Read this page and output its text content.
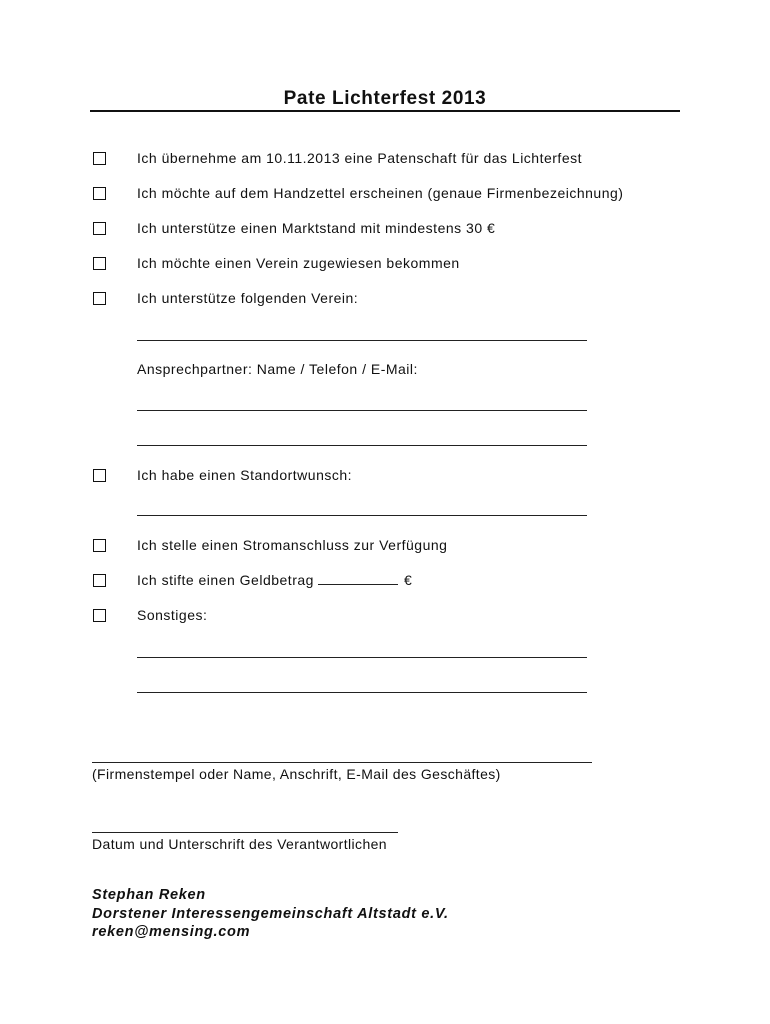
Pate Lichterfest 2013
Ich übernehme am 10.11.2013 eine Patenschaft für das Lichterfest
Ich möchte auf dem Handzettel erscheinen (genaue Firmenbezeichnung)
Ich unterstütze einen Marktstand mit mindestens 30 €
Ich möchte einen Verein zugewiesen bekommen
Ich unterstütze folgenden Verein:
Ansprechpartner: Name / Telefon / E-Mail:
Ich habe einen Standortwunsch:
Ich stelle einen Stromanschluss zur Verfügung
Ich stifte einen Geldbetrag	€
Sonstiges:
(Firmenstempel oder Name, Anschrift, E-Mail des Geschäftes)
Datum und Unterschrift des Verantwortlichen
Stephan Reken
Dorstener Interessengemeinschaft Altstadt e.V.
reken@mensing.com
